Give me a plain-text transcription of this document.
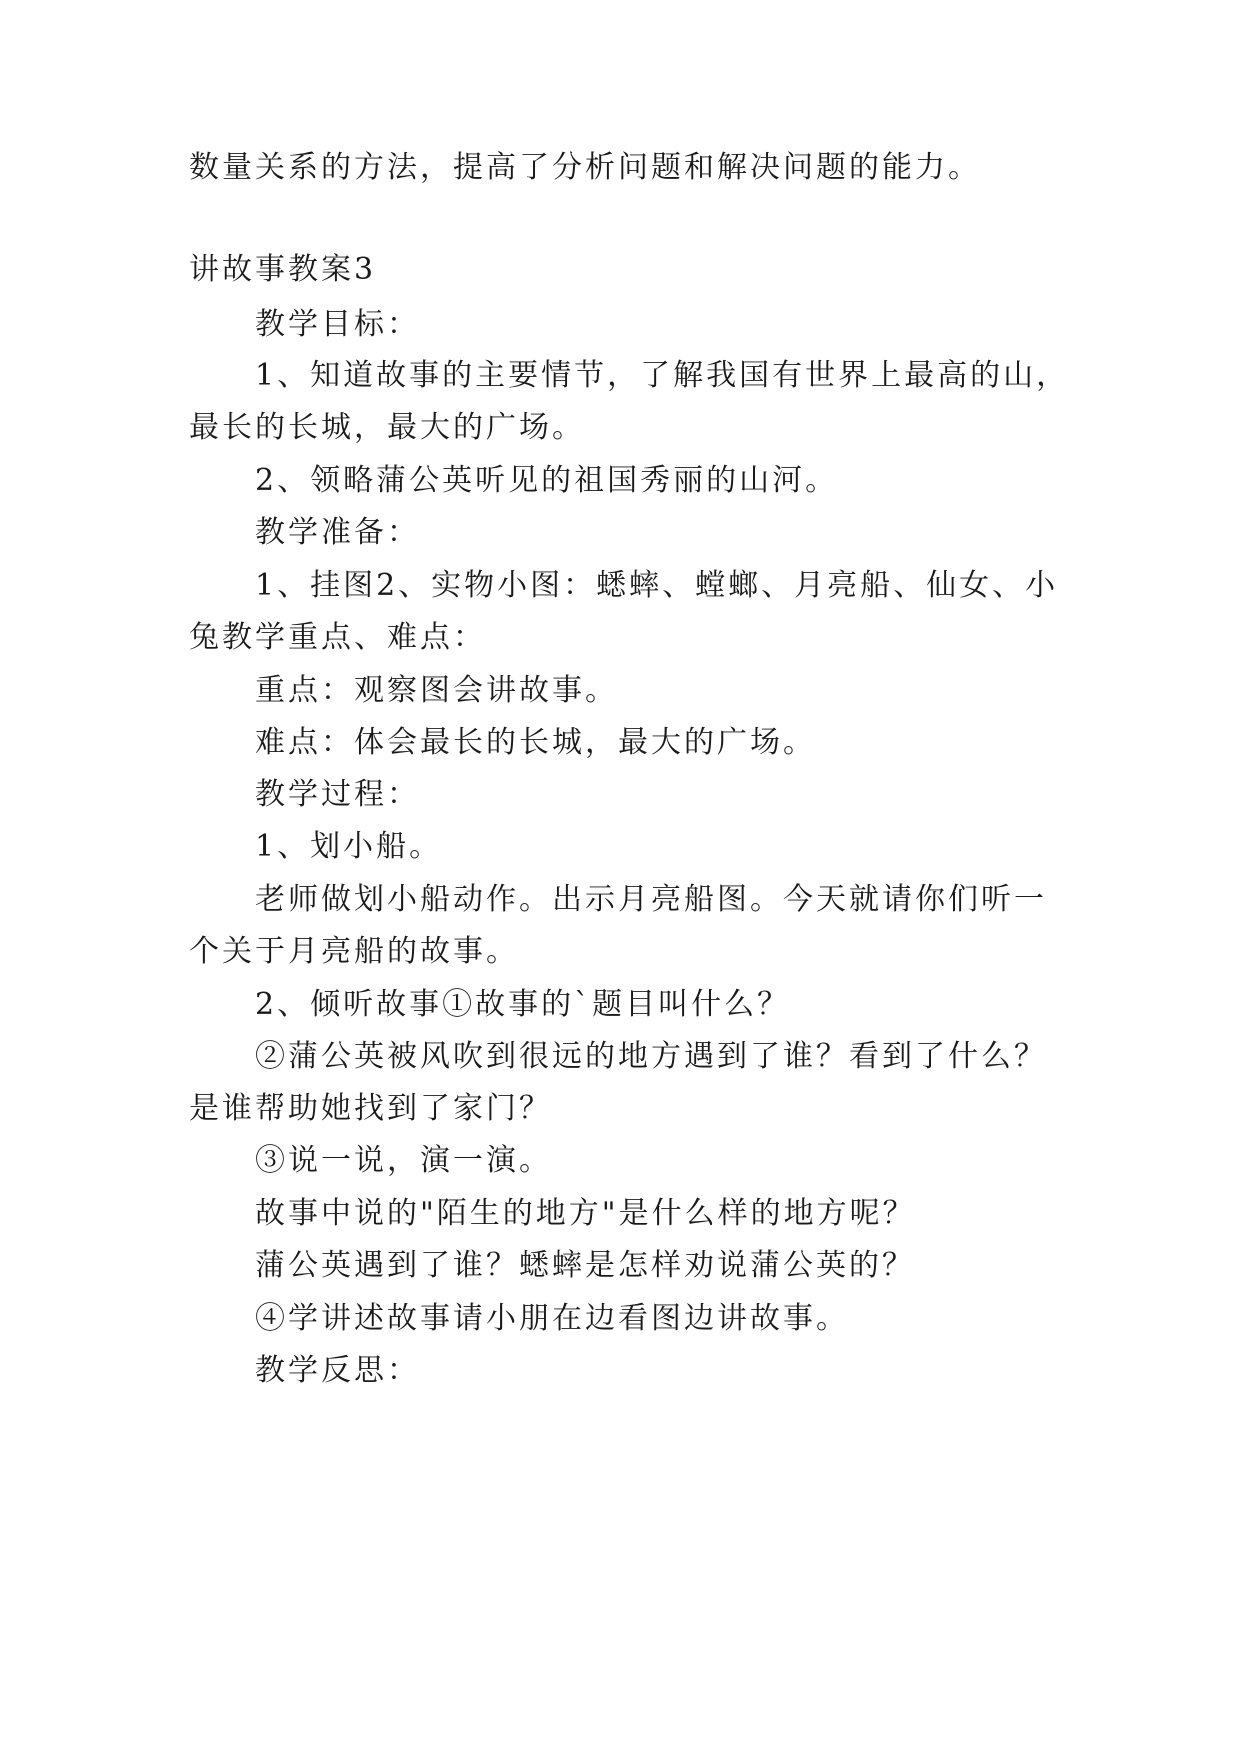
数量关系的方法，提高了分析问题和解决问题的能力。
讲故事教案3
教学目标：
1、知道故事的主要情节，了解我国有世界上最高的山，
最长的长城，最大的广场。
2、领略蒲公英听见的祖国秀丽的山河。
教学准备：
1、挂图2、实物小图：蟋蟀、螳螂、月亮船、仙女、小
兔教学重点、难点：
重点：观察图会讲故事。
难点：体会最长的长城，最大的广场。
教学过程：
1、划小船。
老师做划小船动作。出示月亮船图。今天就请你们听一
个关于月亮船的故事。
2、倾听故事①故事的`题目叫什么？
②蒲公英被风吹到很远的地方遇到了谁？看到了什么？
是谁帮助她找到了家门？
③说一说，演一演。
故事中说的"陌生的地方"是什么样的地方呢？
蒲公英遇到了谁？蟋蟀是怎样劝说蒲公英的？
④学讲述故事请小朋在边看图边讲故事。
教学反思：
